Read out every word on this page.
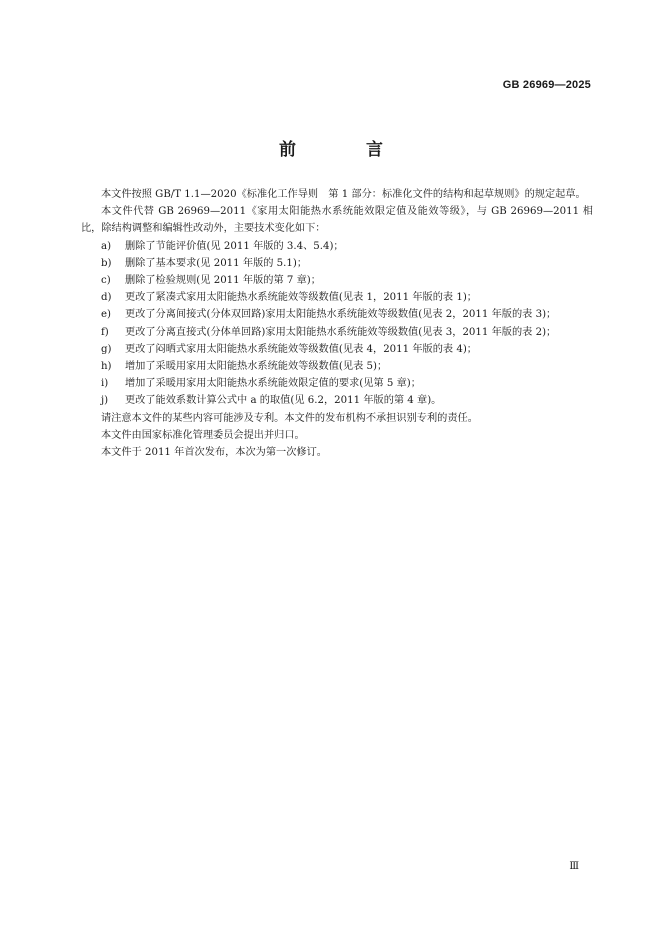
GB 26969—2025
前 言

本文件按照 GB/T 1.1—2020《标准化工作导则　第 1 部分：标准化文件的结构和起草规则》的规定起草。

本文件代替 GB 26969—2011《家用太阳能热水系统能效限定值及能效等级》，与 GB 26969—2011 相比，除结构调整和编辑性改动外，主要技术变化如下：

a) 删除了节能评价值(见 2011 年版的 3.4、5.4)；
b) 删除了基本要求(见 2011 年版的 5.1)；
c) 删除了检验规则(见 2011 年版的第 7 章)；
d) 更改了紧凑式家用太阳能热水系统能效等级数值(见表 1，2011 年版的表 1)；
e) 更改了分离间接式(分体双回路)家用太阳能热水系统能效等级数值(见表 2，2011 年版的表 3)；
f) 更改了分离直接式(分体单回路)家用太阳能热水系统能效等级数值(见表 3，2011 年版的表 2)；
g) 更改了闷晒式家用太阳能热水系统能效等级数值(见表 4，2011 年版的表 4)；
h) 增加了采暖用家用太阳能热水系统能效等级数值(见表 5)；
i) 增加了采暖用家用太阳能热水系统能效限定值的要求(见第 5 章)；
j) 更改了能效系数计算公式中 a 的取值(见 6.2，2011 年版的第 4 章)。

请注意本文件的某些内容可能涉及专利。本文件的发布机构不承担识别专利的责任。

本文件由国家标准化管理委员会提出并归口。

本文件于 2011 年首次发布，本次为第一次修订。

Ⅲ
